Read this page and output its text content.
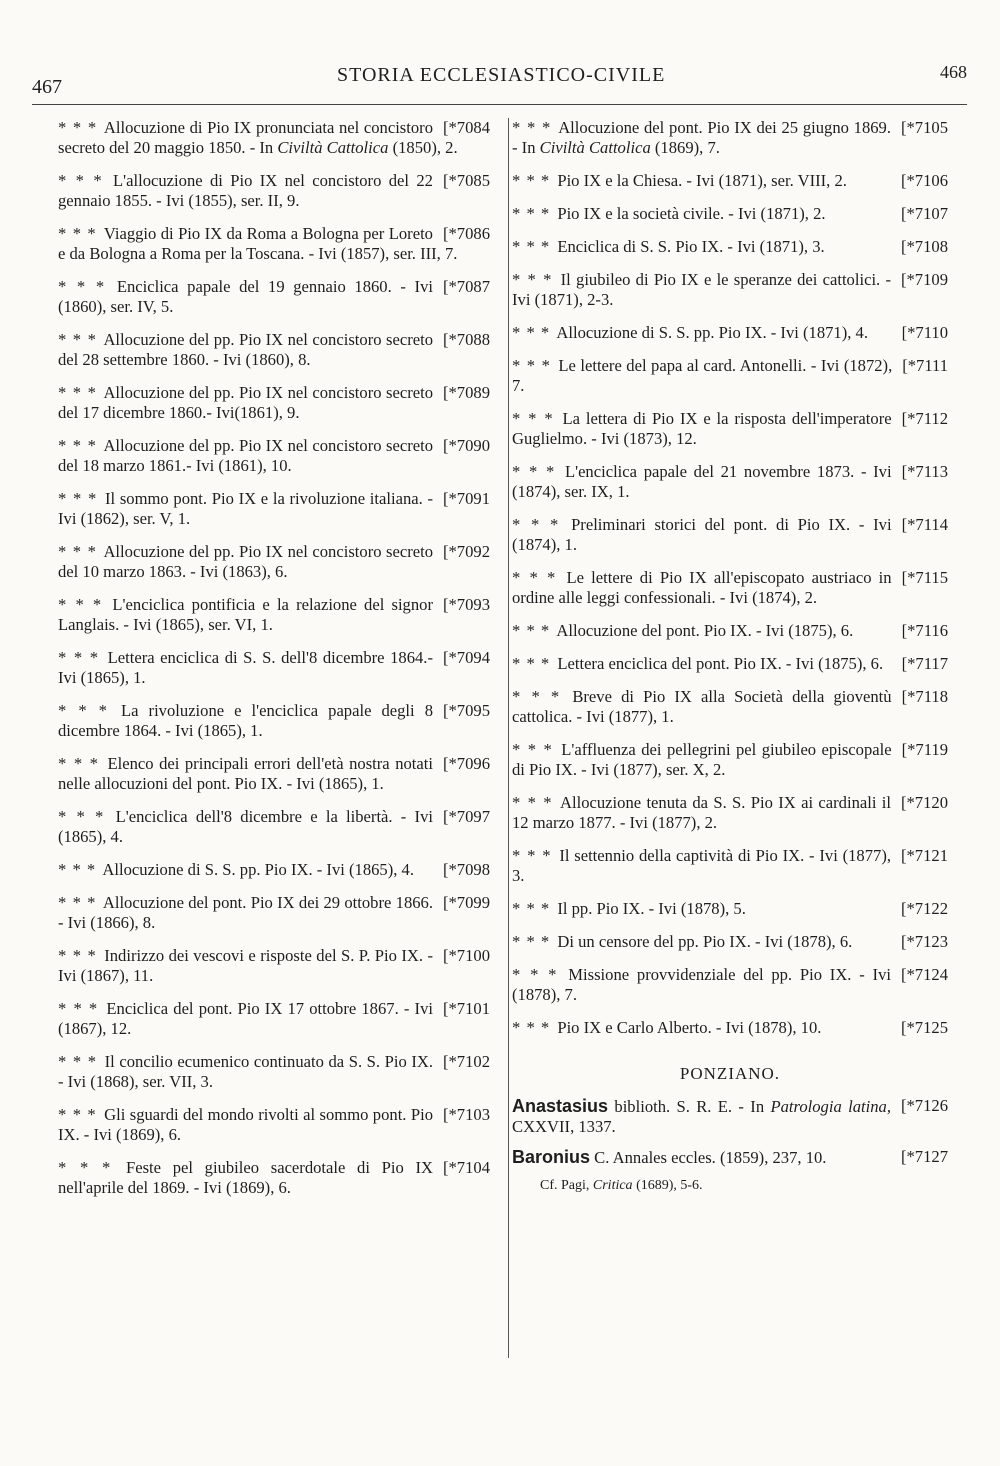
467
STORIA ECCLESIASTICO-CIVILE	468
[*7084
* * * Allocuzione di Pio IX pronunciata nel concistoro secreto del 20 maggio 1850. - In Civiltà Cattolica (1850), 2.
[*7085
* * * L'allocuzione di Pio IX nel concistoro del 22 gennaio 1855. - Ivi (1855), ser. II, 9.
[*7086
* * * Viaggio di Pio IX da Roma a Bologna per Loreto e da Bologna a Roma per la Toscana. - Ivi (1857), ser. III, 7.
[*7087
* * * Enciclica papale del 19 gennaio 1860. - Ivi (1860), ser. IV, 5.
[*7088
* * * Allocuzione del pp. Pio IX nel concistoro secreto del 28 settembre 1860. - Ivi (1860), 8.
[*7089
* * * Allocuzione del pp. Pio IX nel concistoro secreto del 17 dicembre 1860.- Ivi(1861), 9.
[*7090
* * * Allocuzione del pp. Pio IX nel concistoro secreto del 18 marzo 1861.- Ivi (1861), 10.
[*7091
* * * Il sommo pont. Pio IX e la rivoluzione italiana. - Ivi (1862), ser. V, 1.
[*7092
* * * Allocuzione del pp. Pio IX nel concistoro secreto del 10 marzo 1863. - Ivi (1863), 6.
[*7093
* * * L'enciclica pontificia e la relazione del signor Langlais. - Ivi (1865), ser. VI, 1.
[*7094
* * * Lettera enciclica di S. S. dell'8 dicembre 1864.- Ivi (1865), 1.
[*7095
* * * La rivoluzione e l'enciclica papale degli 8 dicembre 1864. - Ivi (1865), 1.
[*7096
* * * Elenco dei principali errori dell'età nostra notati nelle allocuzioni del pont. Pio IX. - Ivi (1865), 1.
[*7097
* * * L'enciclica dell'8 dicembre e la libertà. - Ivi (1865), 4.
[*7098
* * * Allocuzione di S. S. pp. Pio IX. - Ivi (1865), 4.
[*7099
* * * Allocuzione del pont. Pio IX dei 29 ottobre 1866. - Ivi (1866), 8.
[*7100
* * * Indirizzo dei vescovi e risposte del S. P. Pio IX. - Ivi (1867), 11.
[*7101
* * * Enciclica del pont. Pio IX 17 ottobre 1867. - Ivi (1867), 12.
[*7102
* * * Il concilio ecumenico continuato da S. S. Pio IX. - Ivi (1868), ser. VII, 3.
[*7103
* * * Gli sguardi del mondo rivolti al sommo pont. Pio IX. - Ivi (1869), 6.
[*7104
* * * Feste pel giubileo sacerdotale di Pio IX nell'aprile del 1869. - Ivi (1869), 6.
[*7105
* * * Allocuzione del pont. Pio IX dei 25 giugno 1869. - In Civiltà Cattolica (1869), 7.
[*7106
* * * Pio IX e la Chiesa. - Ivi (1871), ser. VIII, 2.
[*7107
* * * Pio IX e la società civile. - Ivi (1871), 2.
[*7108
* * * Enciclica di S. S. Pio IX. - Ivi (1871), 3.
[*7109
* * * Il giubileo di Pio IX e le speranze dei cattolici. - Ivi (1871), 2-3.
[*7110
* * * Allocuzione di S. S. pp. Pio IX. - Ivi (1871), 4.
[*7111
* * * Le lettere del papa al card. Antonelli. - Ivi (1872), 7.
[*7112
* * * La lettera di Pio IX e la risposta dell'imperatore Guglielmo. - Ivi (1873), 12.
[*7113
* * * L'enciclica papale del 21 novembre 1873. - Ivi (1874), ser. IX, 1.
[*7114
* * * Preliminari storici del pont. di Pio IX. - Ivi (1874), 1.
[*7115
* * * Le lettere di Pio IX all'episcopato austriaco in ordine alle leggi confessionali. - Ivi (1874), 2.
[*7116
* * * Allocuzione del pont. Pio IX. - Ivi (1875), 6.
[*7117
* * * Lettera enciclica del pont. Pio IX. - Ivi (1875), 6.
[*7118
* * * Breve di Pio IX alla Società della gioventù cattolica. - Ivi (1877), 1.
[*7119
* * * L'affluenza dei pellegrini pel giubileo episcopale di Pio IX. - Ivi (1877), ser. X, 2.
[*7120
* * * Allocuzione tenuta da S. S. Pio IX ai cardinali il 12 marzo 1877. - Ivi (1877), 2.
[*7121
* * * Il settennio della captività di Pio IX. - Ivi (1877), 3.
[*7122
* * * Il pp. Pio IX. - Ivi (1878), 5.
[*7123
* * * Di un censore del pp. Pio IX. - Ivi (1878), 6.
[*7124
* * * Missione provvidenziale del pp. Pio IX. - Ivi (1878), 7.
[*7125
* * * Pio IX e Carlo Alberto. - Ivi (1878), 10.
PONZIANO.
[*7126
Anastasius biblioth. S. R. E. - In Patrologia latina, CXXVII, 1337.
[*7127
Baronius C. Annales eccles. (1859), 237, 10.
Cf. Pagi, Critica (1689), 5-6.
